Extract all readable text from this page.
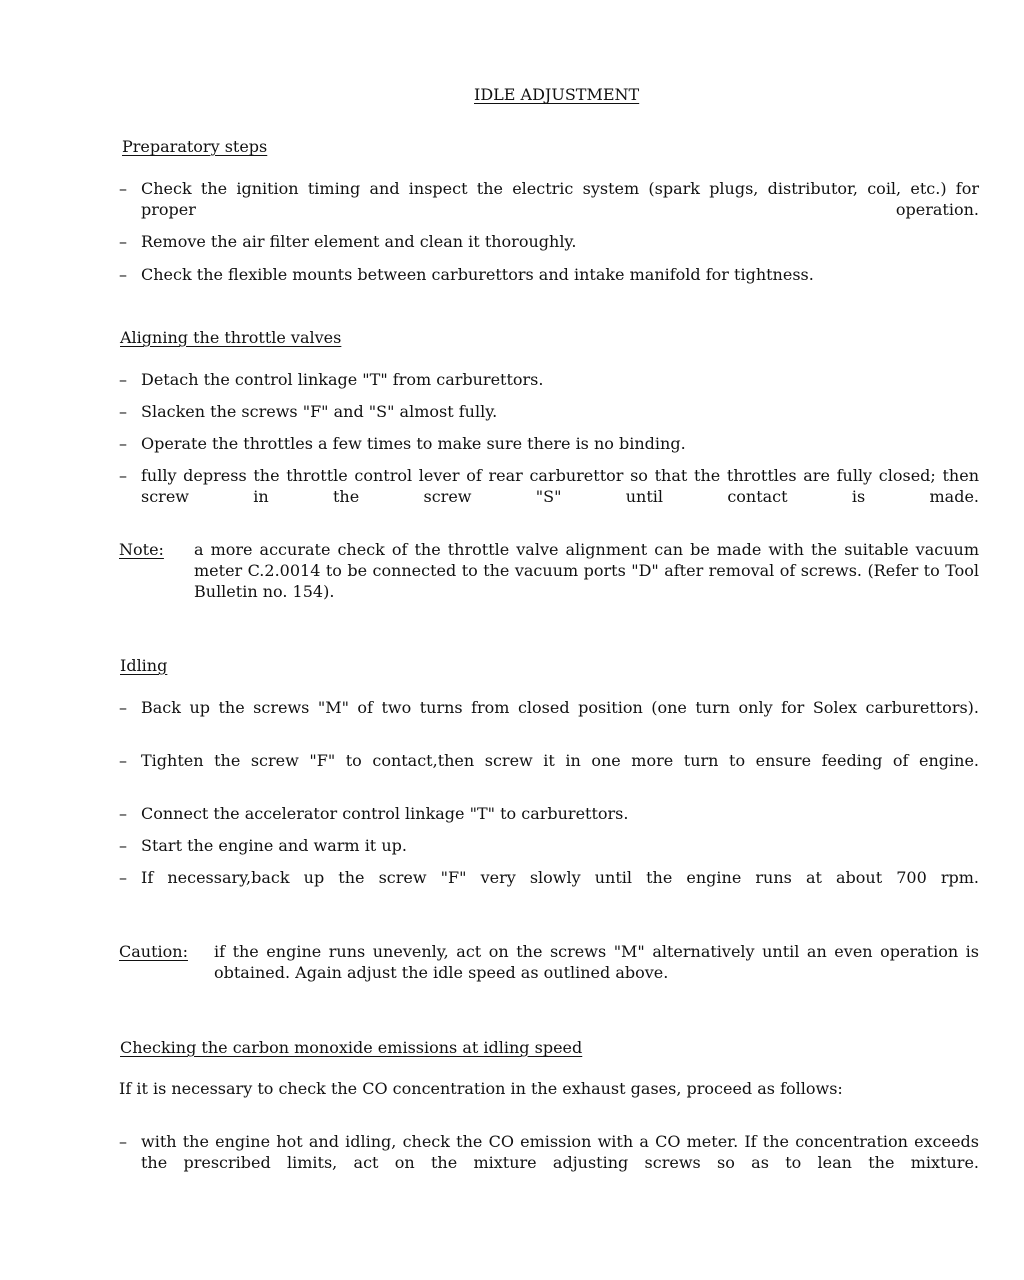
IDLE ADJUSTMENT
Preparatory steps
– Check the ignition timing and inspect the electric system (spark plugs, distributor, coil, etc.) for proper operation.
– Remove the air filter element and clean it thoroughly.
– Check the flexible mounts between carburettors and intake manifold for tightness.
Aligning the throttle valves
– Detach the control linkage "T" from carburettors.
– Slacken the screws "F" and "S" almost fully.
– Operate the throttles a few times to make sure there is no binding.
– fully depress the throttle control lever of rear carburettor so that the throttles are fully closed; then screw in the screw "S" until contact is made.
Note: a more accurate check of the throttle valve alignment can be made with the suitable vacuum meter C.2.0014 to be connected to the vacuum ports "D" after removal of screws. (Refer to Tool Bulletin no. 154).
Idling
– Back up the screws "M" of two turns from closed position (one turn only for Solex carburettors).
– Tighten the screw "F" to contact,then screw it in one more turn to ensure feeding of engine.
– Connect the accelerator control linkage "T" to carburettors.
– Start the engine and warm it up.
– If necessary,back up the screw "F" very slowly until the engine runs at about 700 rpm.
Caution: if the engine runs unevenly, act on the screws "M" alternatively until an even operation is obtained. Again adjust the idle speed as outlined above.
Checking the carbon monoxide emissions at idling speed
If it is necessary to check the CO concentration in the exhaust gases, proceed as follows:
– with the engine hot and idling, check the CO emission with a CO meter. If the concentration exceeds the prescribed limits, act on the mixture adjusting screws so as to lean the mixture.
